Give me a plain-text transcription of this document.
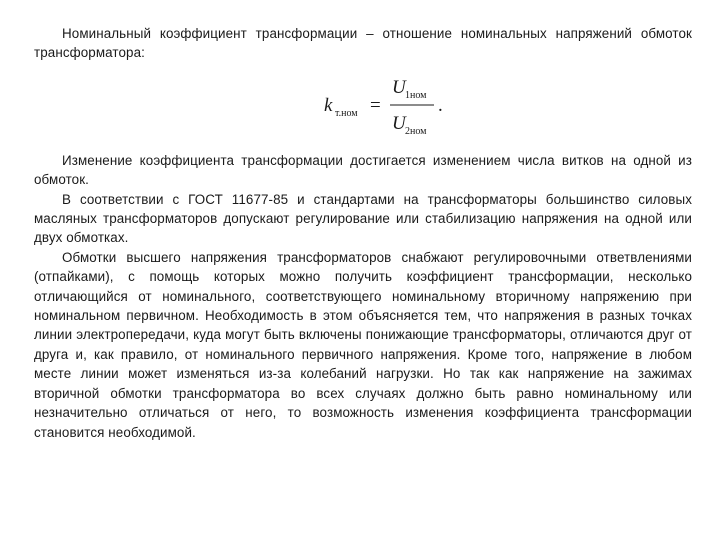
Номинальный коэффициент трансформации – отношение номинальных напряжений обмоток трансформатора:

k т.ном =
U 1ном
U 2ном
.

Изменение коэффициента трансформации достигается изменением числа витков на одной из обмоток.

В соответствии с ГОСТ 11677-85 и стандартами на трансформаторы большинство силовых масляных трансформаторов допускают регулирование или стабилизацию напряжения на одной или двух обмотках.

Обмотки высшего напряжения трансформаторов снабжают регулировочными ответвлениями (отпайками), с помощь которых можно получить коэффициент трансформации, несколько отличающийся от номинального, соответствующего номинальному вторичному напряжению при номинальном первичном. Необходимость в этом объясняется тем, что напряжения в разных точках линии электропередачи, куда могут быть включены понижающие трансформаторы, отличаются друг от друга и, как правило, от номинального первичного напряжения. Кроме того, напряжение в любом месте линии может изменяться из-за колебаний нагрузки. Но так как напряжение на зажимах вторичной обмотки трансформатора во всех случаях должно быть равно номинальному или незначительно отличаться от него, то возможность изменения коэффициента трансформации становится необходимой.
